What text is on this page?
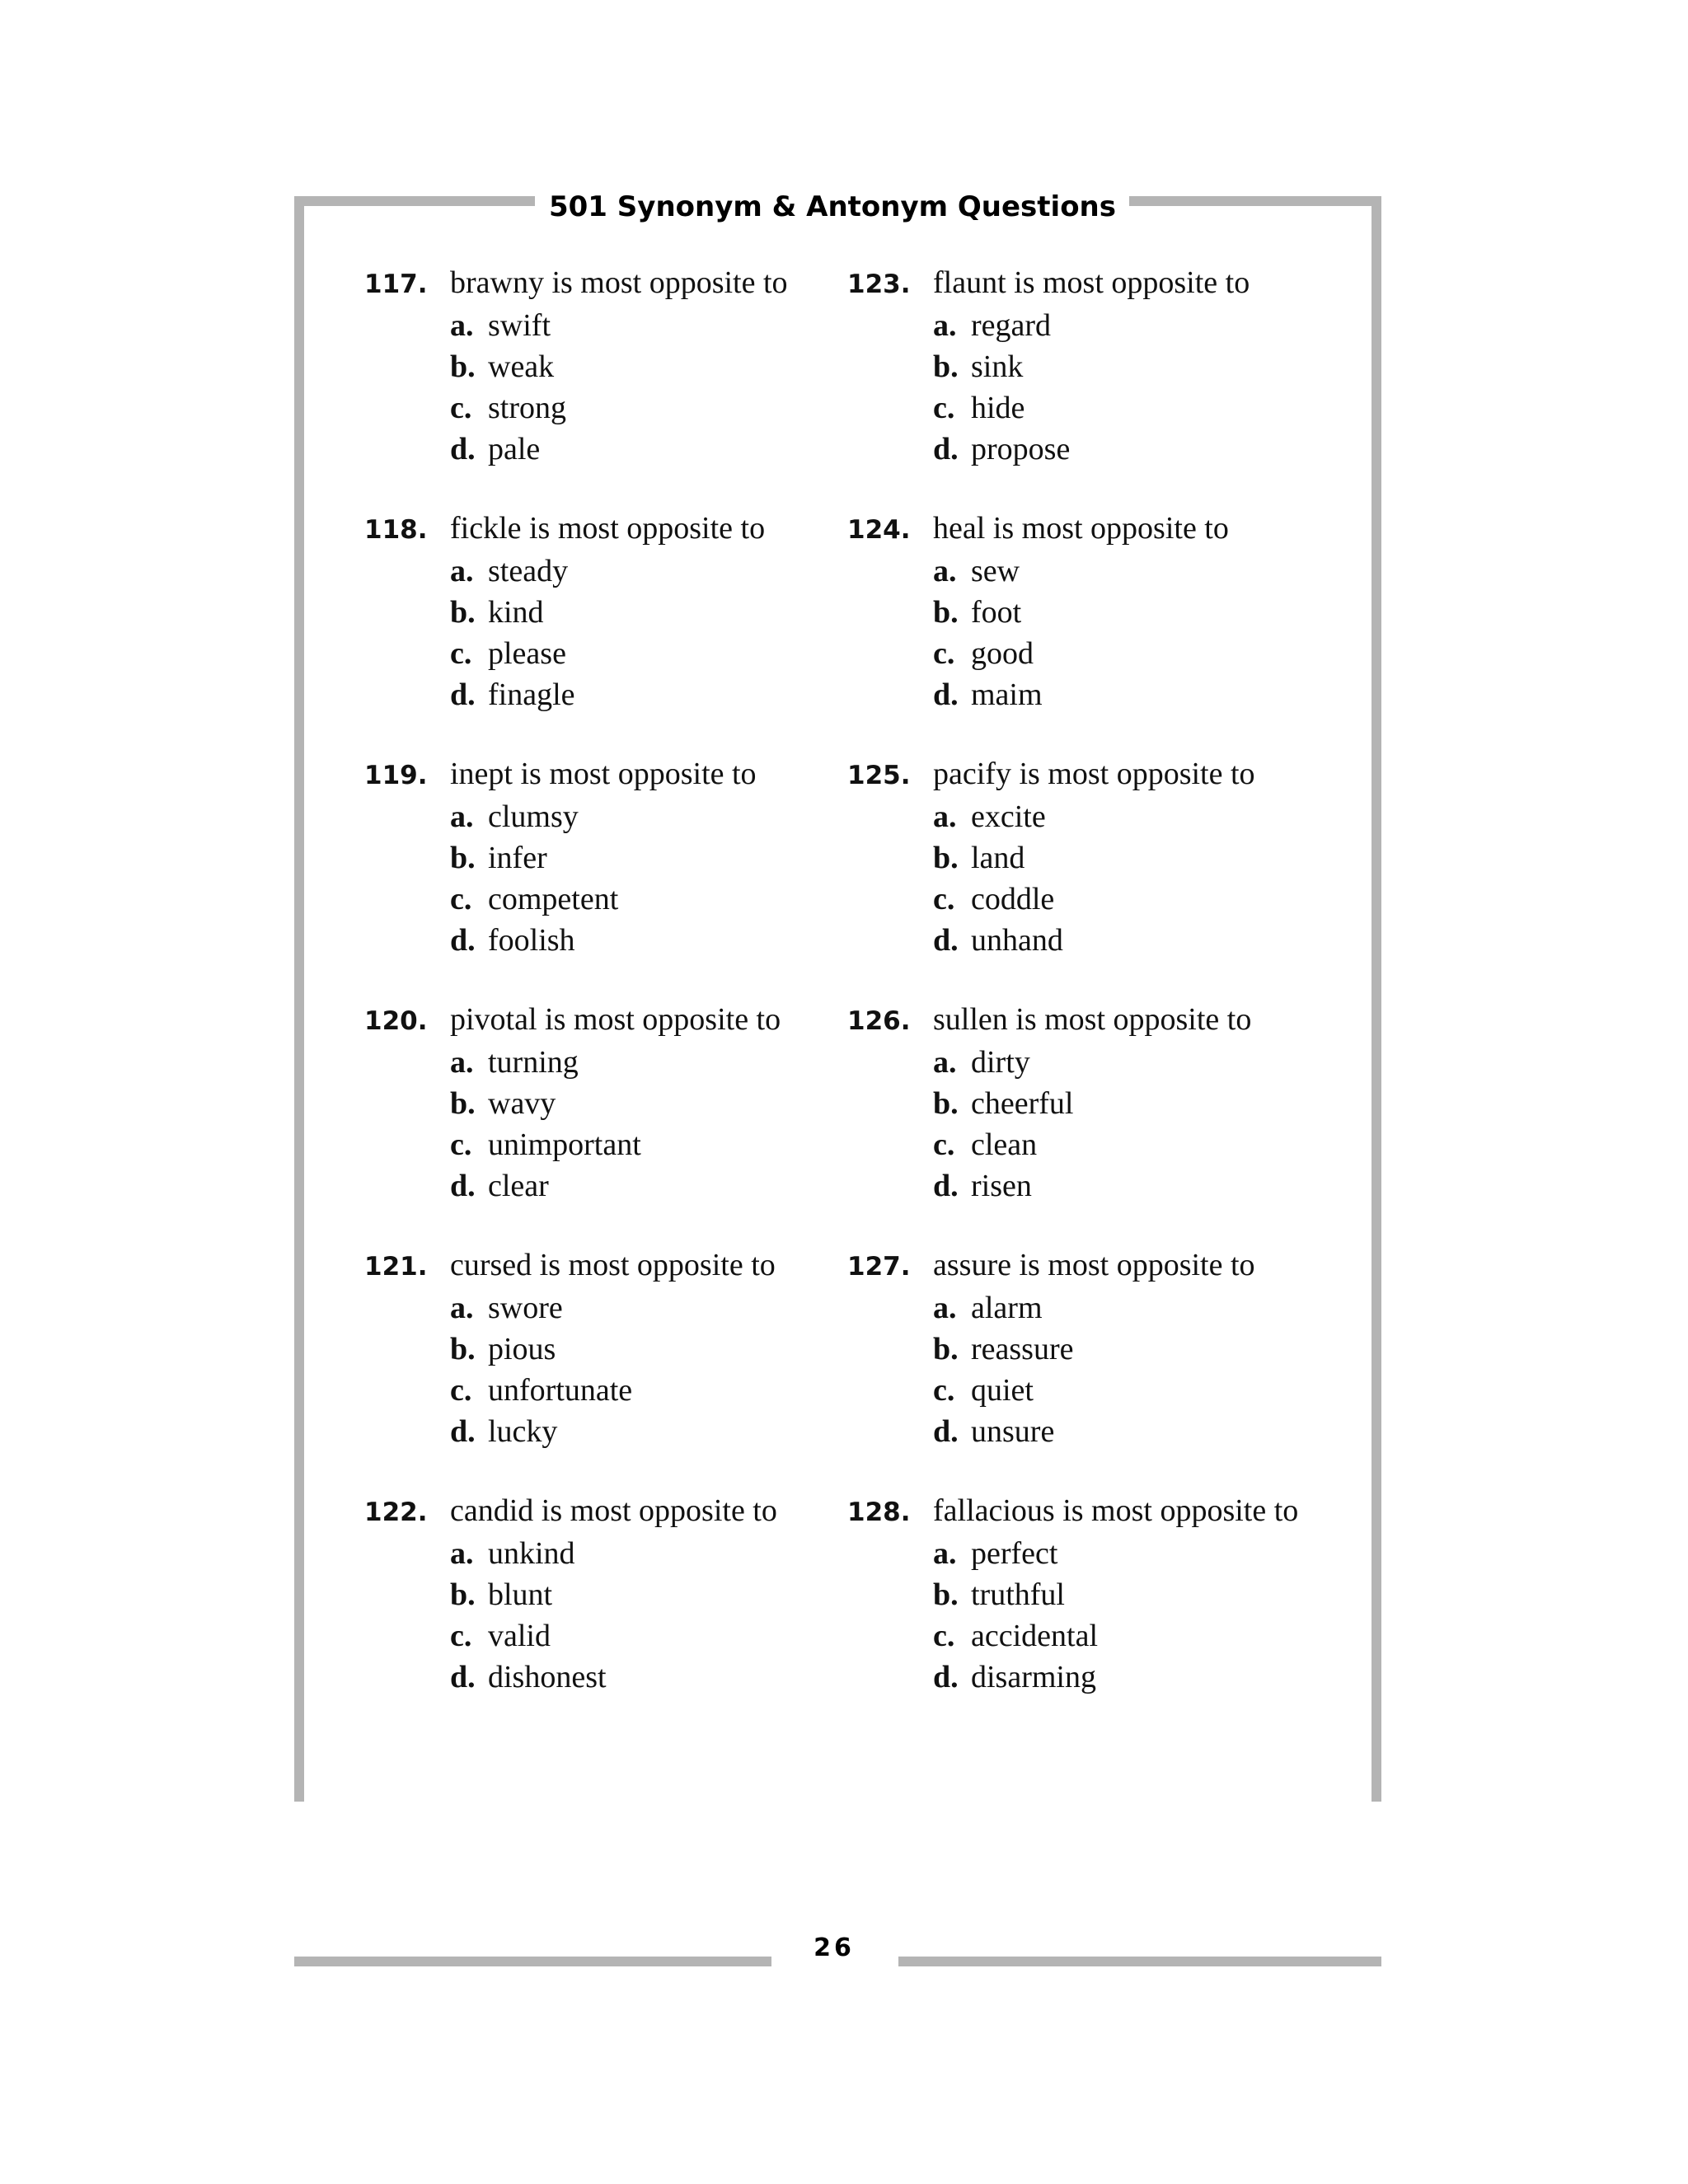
501 Synonym & Antonym Questions
26
117. brawny is most opposite to
a. swift
b. weak
c. strong
d. pale
118. fickle is most opposite to
a. steady
b. kind
c. please
d. finagle
119. inept is most opposite to
a. clumsy
b. infer
c. competent
d. foolish
120. pivotal is most opposite to
a. turning
b. wavy
c. unimportant
d. clear
121. cursed is most opposite to
a. swore
b. pious
c. unfortunate
d. lucky
122. candid is most opposite to
a. unkind
b. blunt
c. valid
d. dishonest
123. flaunt is most opposite to
a. regard
b. sink
c. hide
d. propose
124. heal is most opposite to
a. sew
b. foot
c. good
d. maim
125. pacify is most opposite to
a. excite
b. land
c. coddle
d. unhand
126. sullen is most opposite to
a. dirty
b. cheerful
c. clean
d. risen
127. assure is most opposite to
a. alarm
b. reassure
c. quiet
d. unsure
128. fallacious is most opposite to
a. perfect
b. truthful
c. accidental
d. disarming
